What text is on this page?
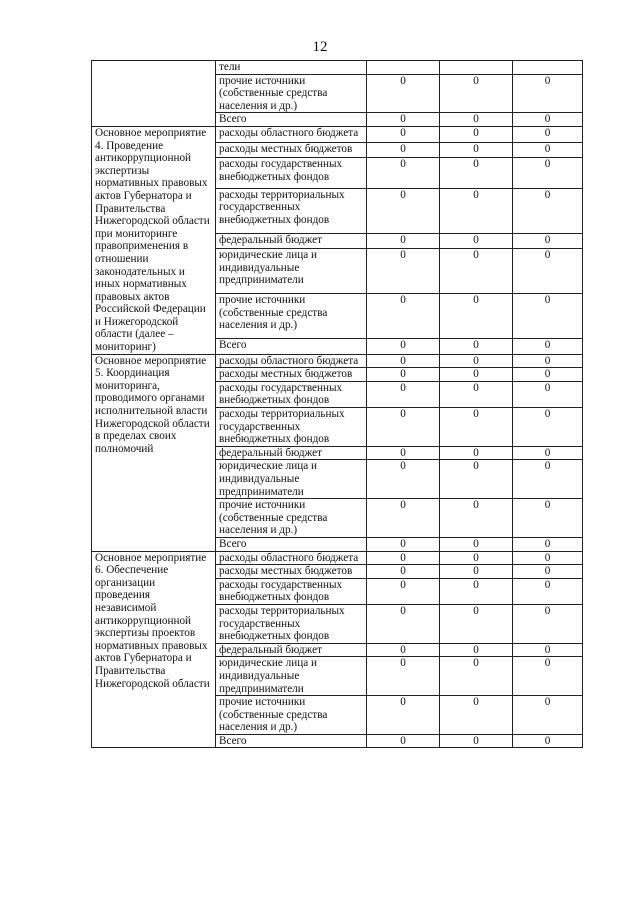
12
	тели			
	прочие источники (собственные средства населения и др.)	0	0	0
	Всего	0	0	0
Основное мероприятие 4. Проведение антикоррупционной экспертизы нормативных правовых актов Губернатора и Правительства Нижегородской области при мониторинге правоприменения в отношении законодательных и иных нормативных правовых актов Российской Федерации и Нижегородской области (далее – мониторинг)	расходы областного бюджета	0	0	0
	расходы местных бюджетов	0	0	0
	расходы государственных внебюджетных фондов	0	0	0
	расходы территориальных государственных внебюджетных фондов	0	0	0
	федеральный бюджет	0	0	0
	юридические лица и индивидуальные предприниматели	0	0	0
	прочие источники (собственные средства населения и др.)	0	0	0
	Всего	0	0	0
Основное мероприятие 5. Координация мониторинга, проводимого органами исполнительной власти Нижегородской области в пределах своих полномочий	расходы областного бюджета	0	0	0
	расходы местных бюджетов	0	0	0
	расходы государственных внебюджетных фондов	0	0	0
	расходы территориальных государственных внебюджетных фондов	0	0	0
	федеральный бюджет	0	0	0
	юридические лица и индивидуальные предприниматели	0	0	0
	прочие источники (собственные средства населения и др.)	0	0	0
	Всего	0	0	0
Основное мероприятие 6. Обеспечение организации проведения независимой антикоррупционной экспертизы проектов нормативных правовых актов Губернатора и Правительства Нижегородской области	расходы областного бюджета	0	0	0
	расходы местных бюджетов	0	0	0
	расходы государственных внебюджетных фондов	0	0	0
	расходы территориальных государственных внебюджетных фондов	0	0	0
	федеральный бюджет	0	0	0
	юридические лица и индивидуальные предприниматели	0	0	0
	прочие источники (собственные средства населения и др.)	0	0	0
	Всего	0	0	0
